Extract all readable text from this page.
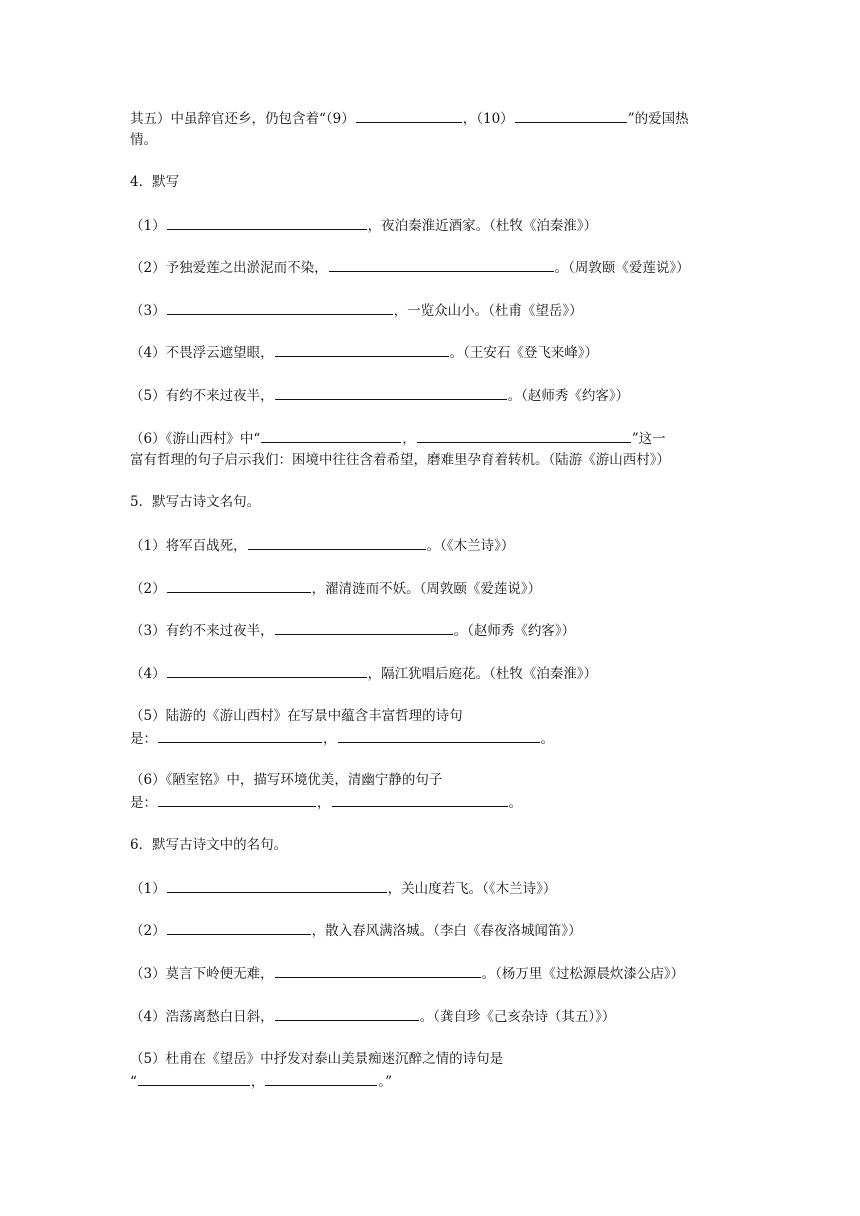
其五）中虽辞官还乡，仍包含着“（9）	，（10）	”的爱国热
情。
4．默写
（1）	，夜泊秦淮近酒家。（杜牧《泊秦淮》）
（2）予独爱莲之出淤泥而不染，	。（周敦颐《爱莲说》）
（3）	，一览众山小。（杜甫《望岳》）
（4）不畏浮云遮望眼，	。（王安石《登飞来峰》）
（5）有约不来过夜半，	。（赵师秀《约客》）
（6）《游山西村》中“	，	”这一
富有哲理的句子启示我们：困境中往往含着希望，磨难里孕育着转机。（陆游《游山西村》）
5．默写古诗文名句。
（1）将军百战死，	。（《木兰诗》）
（2）	，濯清涟而不妖。（周敦颐《爱莲说》）
（3）有约不来过夜半，	。（赵师秀《约客》）
（4）	，隔江犹唱后庭花。（杜牧《泊秦淮》）
（5）陆游的《游山西村》在写景中蕴含丰富哲理的诗句
是：	，	。
（6）《陋室铭》中，描写环境优美，清幽宁静的句子
是：	，	。
6．默写古诗文中的名句。
（1）	，关山度若飞。（《木兰诗》）
（2）	，散入春风满洛城。（李白《春夜洛城闻笛》）
（3）莫言下岭便无难，	。（杨万里《过松源晨炊漆公店》）
（4）浩荡离愁白日斜，	。（龚自珍《己亥杂诗（其五）》）
（5）杜甫在《望岳》中抒发对泰山美景痴迷沉醉之情的诗句是
“	，	。”
